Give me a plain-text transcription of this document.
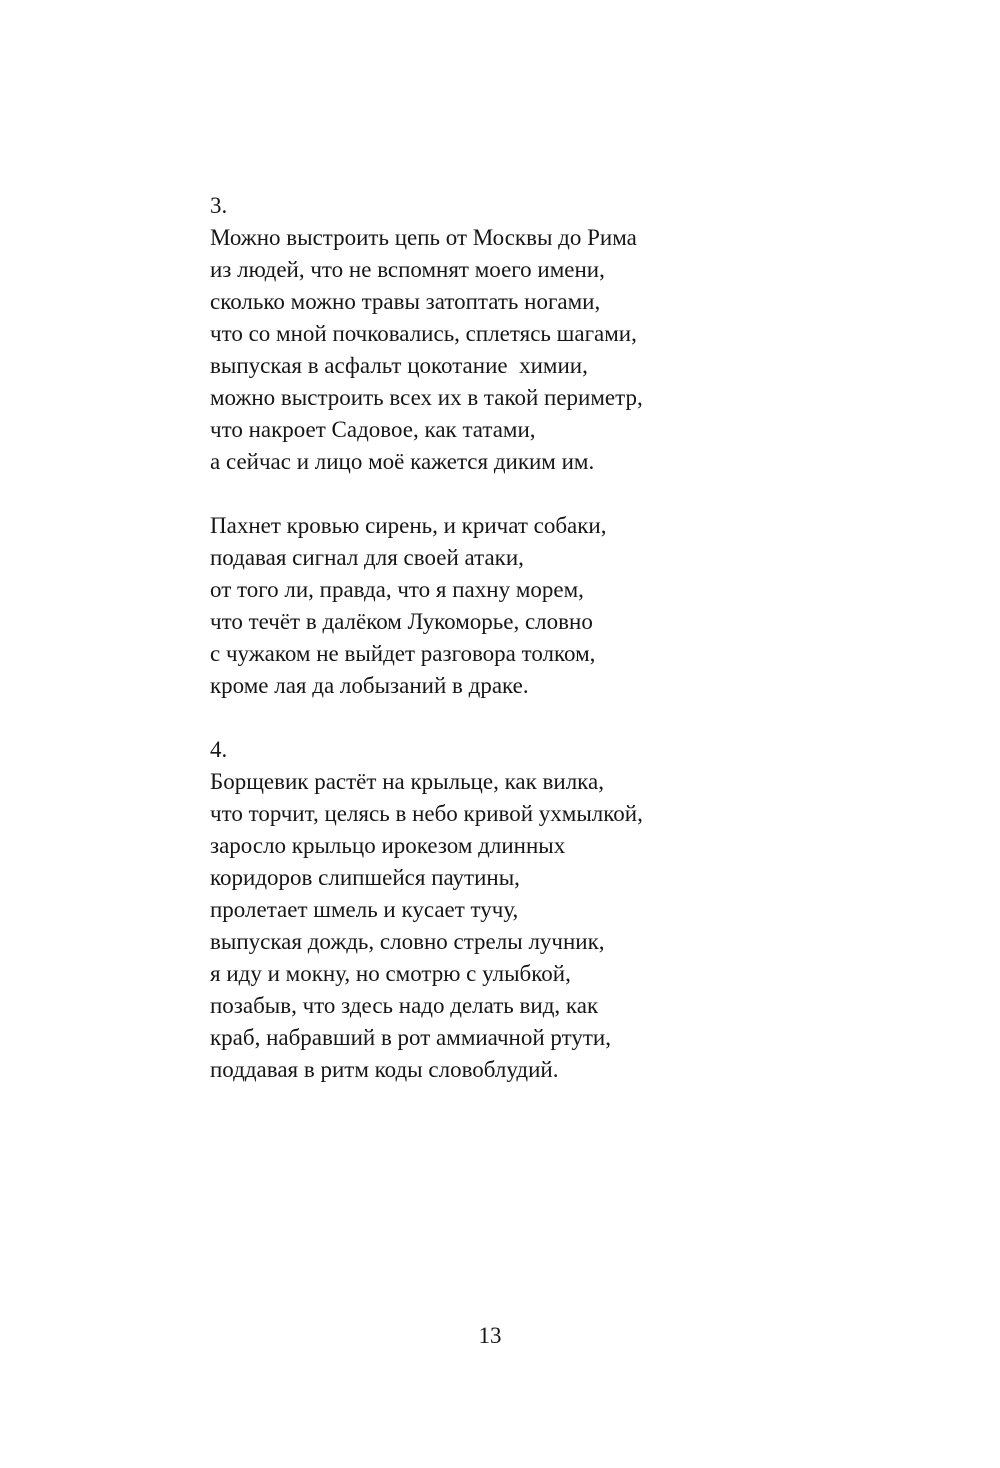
3.
Можно выстроить цепь от Москвы до Рима
из людей, что не вспомнят моего имени,
сколько можно травы затоптать ногами,
что со мной почковались, сплетясь шагами,
выпуская в асфальт цокотание  химии,
можно выстроить всех их в такой периметр,
что накроет Садовое, как татами,
а сейчас и лицо моё кажется диким им.
Пахнет кровью сирень, и кричат собаки,
подавая сигнал для своей атаки,
от того ли, правда, что я пахну морем,
что течёт в далёком Лукоморье, словно
с чужаком не выйдет разговора толком,
кроме лая да лобызаний в драке.
4.
Борщевик растёт на крыльце, как вилка,
что торчит, целясь в небо кривой ухмылкой,
заросло крыльцо ирокезом длинных
коридоров слипшейся паутины,
пролетает шмель и кусает тучу,
выпуская дождь, словно стрелы лучник,
я иду и мокну, но смотрю с улыбкой,
позабыв, что здесь надо делать вид, как
краб, набравший в рот аммиачной ртути,
поддавая в ритм коды словоблудий.
13
